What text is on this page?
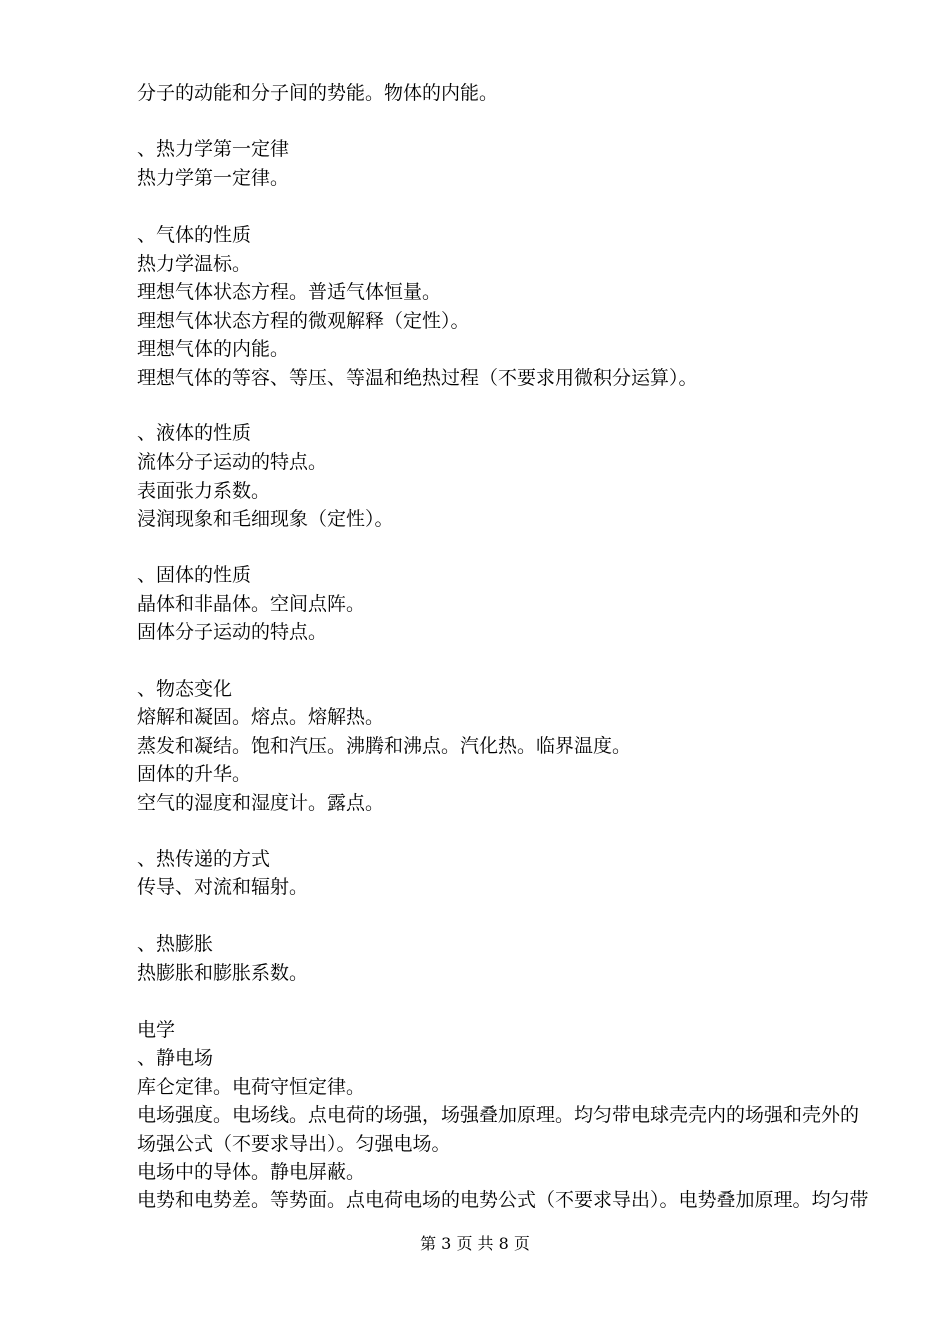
分子的动能和分子间的势能。物体的内能。
、热力学第一定律
热力学第一定律。
、气体的性质
热力学温标。
理想气体状态方程。普适气体恒量。
理想气体状态方程的微观解释（定性）。
理想气体的内能。
理想气体的等容、等压、等温和绝热过程（不要求用微积分运算）。
、液体的性质
流体分子运动的特点。
表面张力系数。
浸润现象和毛细现象（定性）。
、固体的性质
晶体和非晶体。空间点阵。
固体分子运动的特点。
、物态变化
熔解和凝固。熔点。熔解热。
蒸发和凝结。饱和汽压。沸腾和沸点。汽化热。临界温度。
固体的升华。
空气的湿度和湿度计。露点。
、热传递的方式
传导、对流和辐射。
、热膨胀
热膨胀和膨胀系数。
电学
、静电场
库仑定律。电荷守恒定律。
电场强度。电场线。点电荷的场强，场强叠加原理。均匀带电球壳壳内的场强和壳外的场强公式（不要求导出）。匀强电场。
电场中的导体。静电屏蔽。
电势和电势差。等势面。点电荷电场的电势公式（不要求导出）。电势叠加原理。均匀带
第 3 页 共 8 页
